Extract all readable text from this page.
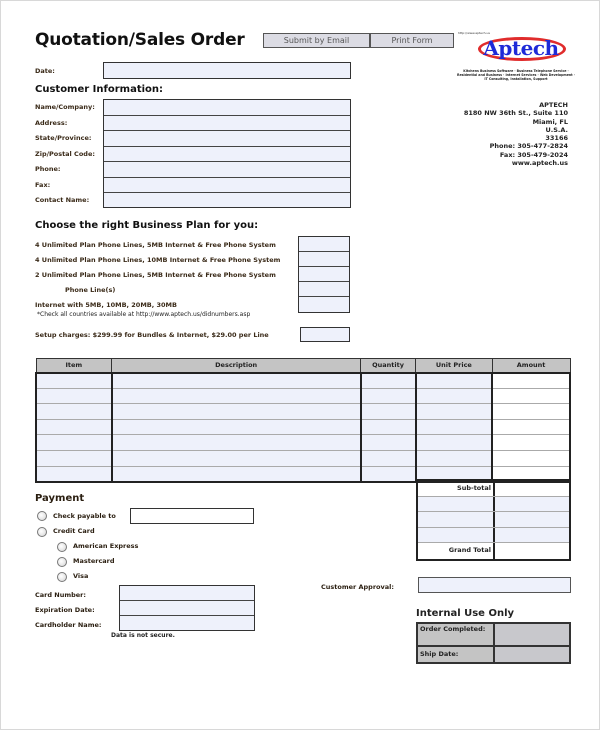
Quotation/Sales Order	Submit by Email	Print Form
http://www.aptech.us
Aptech
Kitchens Business Software · Business Telephone Service · Residential and Business · Internet Services · Web Development · IT Consulting, Installation, Support
Date:
Customer Information:
Name/Company:
Address:
State/Province:
Zip/Postal Code:
Phone:
Fax:
Contact Name:
APTECH
8180 NW 36th St., Suite 110
Miami, FL
U.S.A.
33166
Phone: 305-477-2824
Fax: 305-479-2024
www.aptech.us
Choose the right Business Plan for you:
4 Unlimited Plan Phone Lines, 5MB Internet & Free Phone System
4 Unlimited Plan Phone Lines, 10MB Internet & Free Phone System
2 Unlimited Plan Phone Lines, 5MB Internet & Free Phone System
Phone Line(s)
Internet with 5MB, 10MB, 20MB, 30MB
*Check all countries available at http://www.aptech.us/didnumbers.asp
Setup charges: $299.99 for Bundles & Internet, $29.00 per Line
Item	Description	Quantity	Unit Price	Amount

Sub-total
Grand Total
Payment
Check payable to
Credit Card
American Express
Mastercard
Visa
Card Number:
Expiration Date:
Cardholder Name:
Data is not secure.
Customer Approval:
Internal Use Only
Order Completed:
Ship Date:
